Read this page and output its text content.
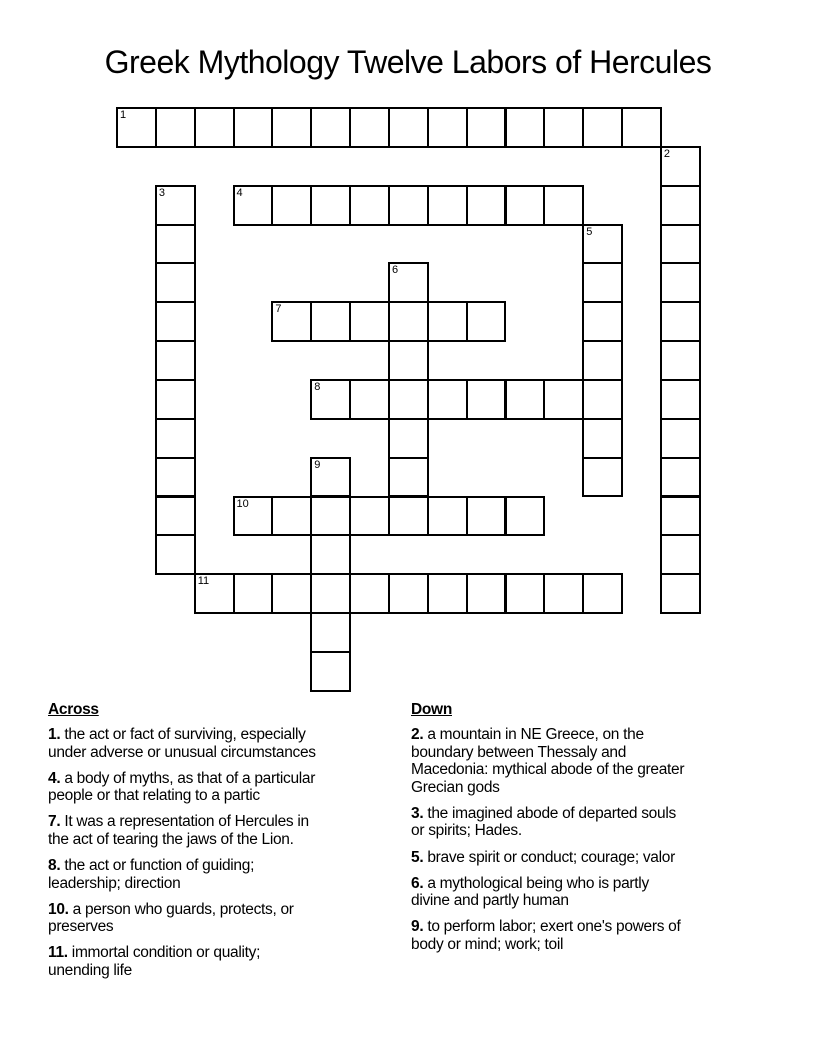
Greek Mythology Twelve Labors of Hercules
1
2
3	4
5
6
7
8
9
10
11
Across

1. the act or fact of surviving, especially under adverse or unusual circumstances

4. a body of myths, as that of a particular people or that relating to a partic

7. It was a representation of Hercules in the act of tearing the jaws of the Lion.

8. the act or function of guiding; leadership; direction

10. a person who guards, protects, or preserves

11. immortal condition or quality; unending life

Down

2. a mountain in NE Greece, on the boundary between Thessaly and Macedonia: mythical abode of the greater Grecian gods

3. the imagined abode of departed souls or spirits; Hades.

5. brave spirit or conduct; courage; valor

6. a mythological being who is partly divine and partly human

9. to perform labor; exert one's powers of body or mind; work; toil
